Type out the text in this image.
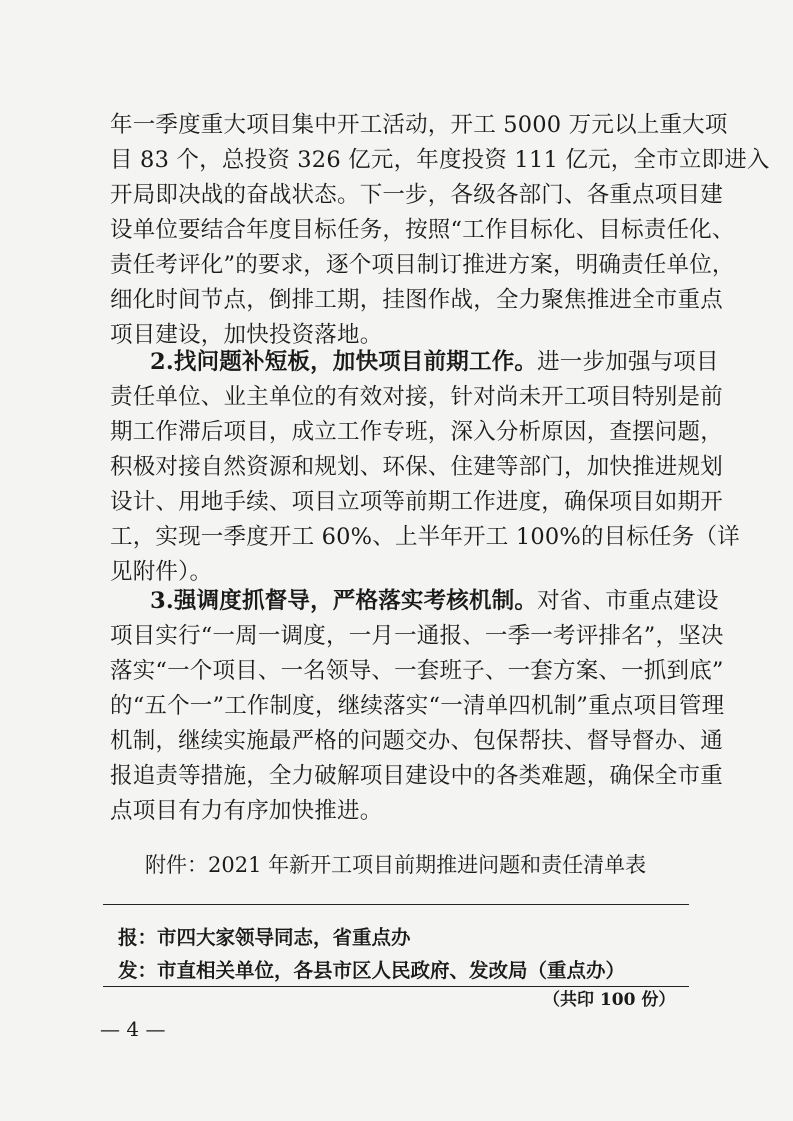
年一季度重大项目集中开工活动，开工 5000 万元以上重大项
目 83 个，总投资 326 亿元，年度投资 111 亿元，全市立即进入
开局即决战的奋战状态。下一步，各级各部门、各重点项目建
设单位要结合年度目标任务，按照“工作目标化、目标责任化、
责任考评化”的要求，逐个项目制订推进方案，明确责任单位，
细化时间节点，倒排工期，挂图作战，全力聚焦推进全市重点
项目建设，加快投资落地。
2.找问题补短板，加快项目前期工作。进一步加强与项目
责任单位、业主单位的有效对接，针对尚未开工项目特别是前
期工作滞后项目，成立工作专班，深入分析原因，查摆问题，
积极对接自然资源和规划、环保、住建等部门，加快推进规划
设计、用地手续、项目立项等前期工作进度，确保项目如期开
工，实现一季度开工 60%、上半年开工 100%的目标任务（详
见附件）。
3.强调度抓督导，严格落实考核机制。对省、市重点建设
项目实行“一周一调度，一月一通报、一季一考评排名”，坚决
落实“一个项目、一名领导、一套班子、一套方案、一抓到底”
的“五个一”工作制度，继续落实“一清单四机制”重点项目管理
机制，继续实施最严格的问题交办、包保帮扶、督导督办、通
报追责等措施，全力破解项目建设中的各类难题，确保全市重
点项目有力有序加快推进。
附件：2021 年新开工项目前期推进问题和责任清单表
报：市四大家领导同志，省重点办
发：市直相关单位，各县市区人民政府、发改局（重点办）
（共印 100 份）
— 4 —
